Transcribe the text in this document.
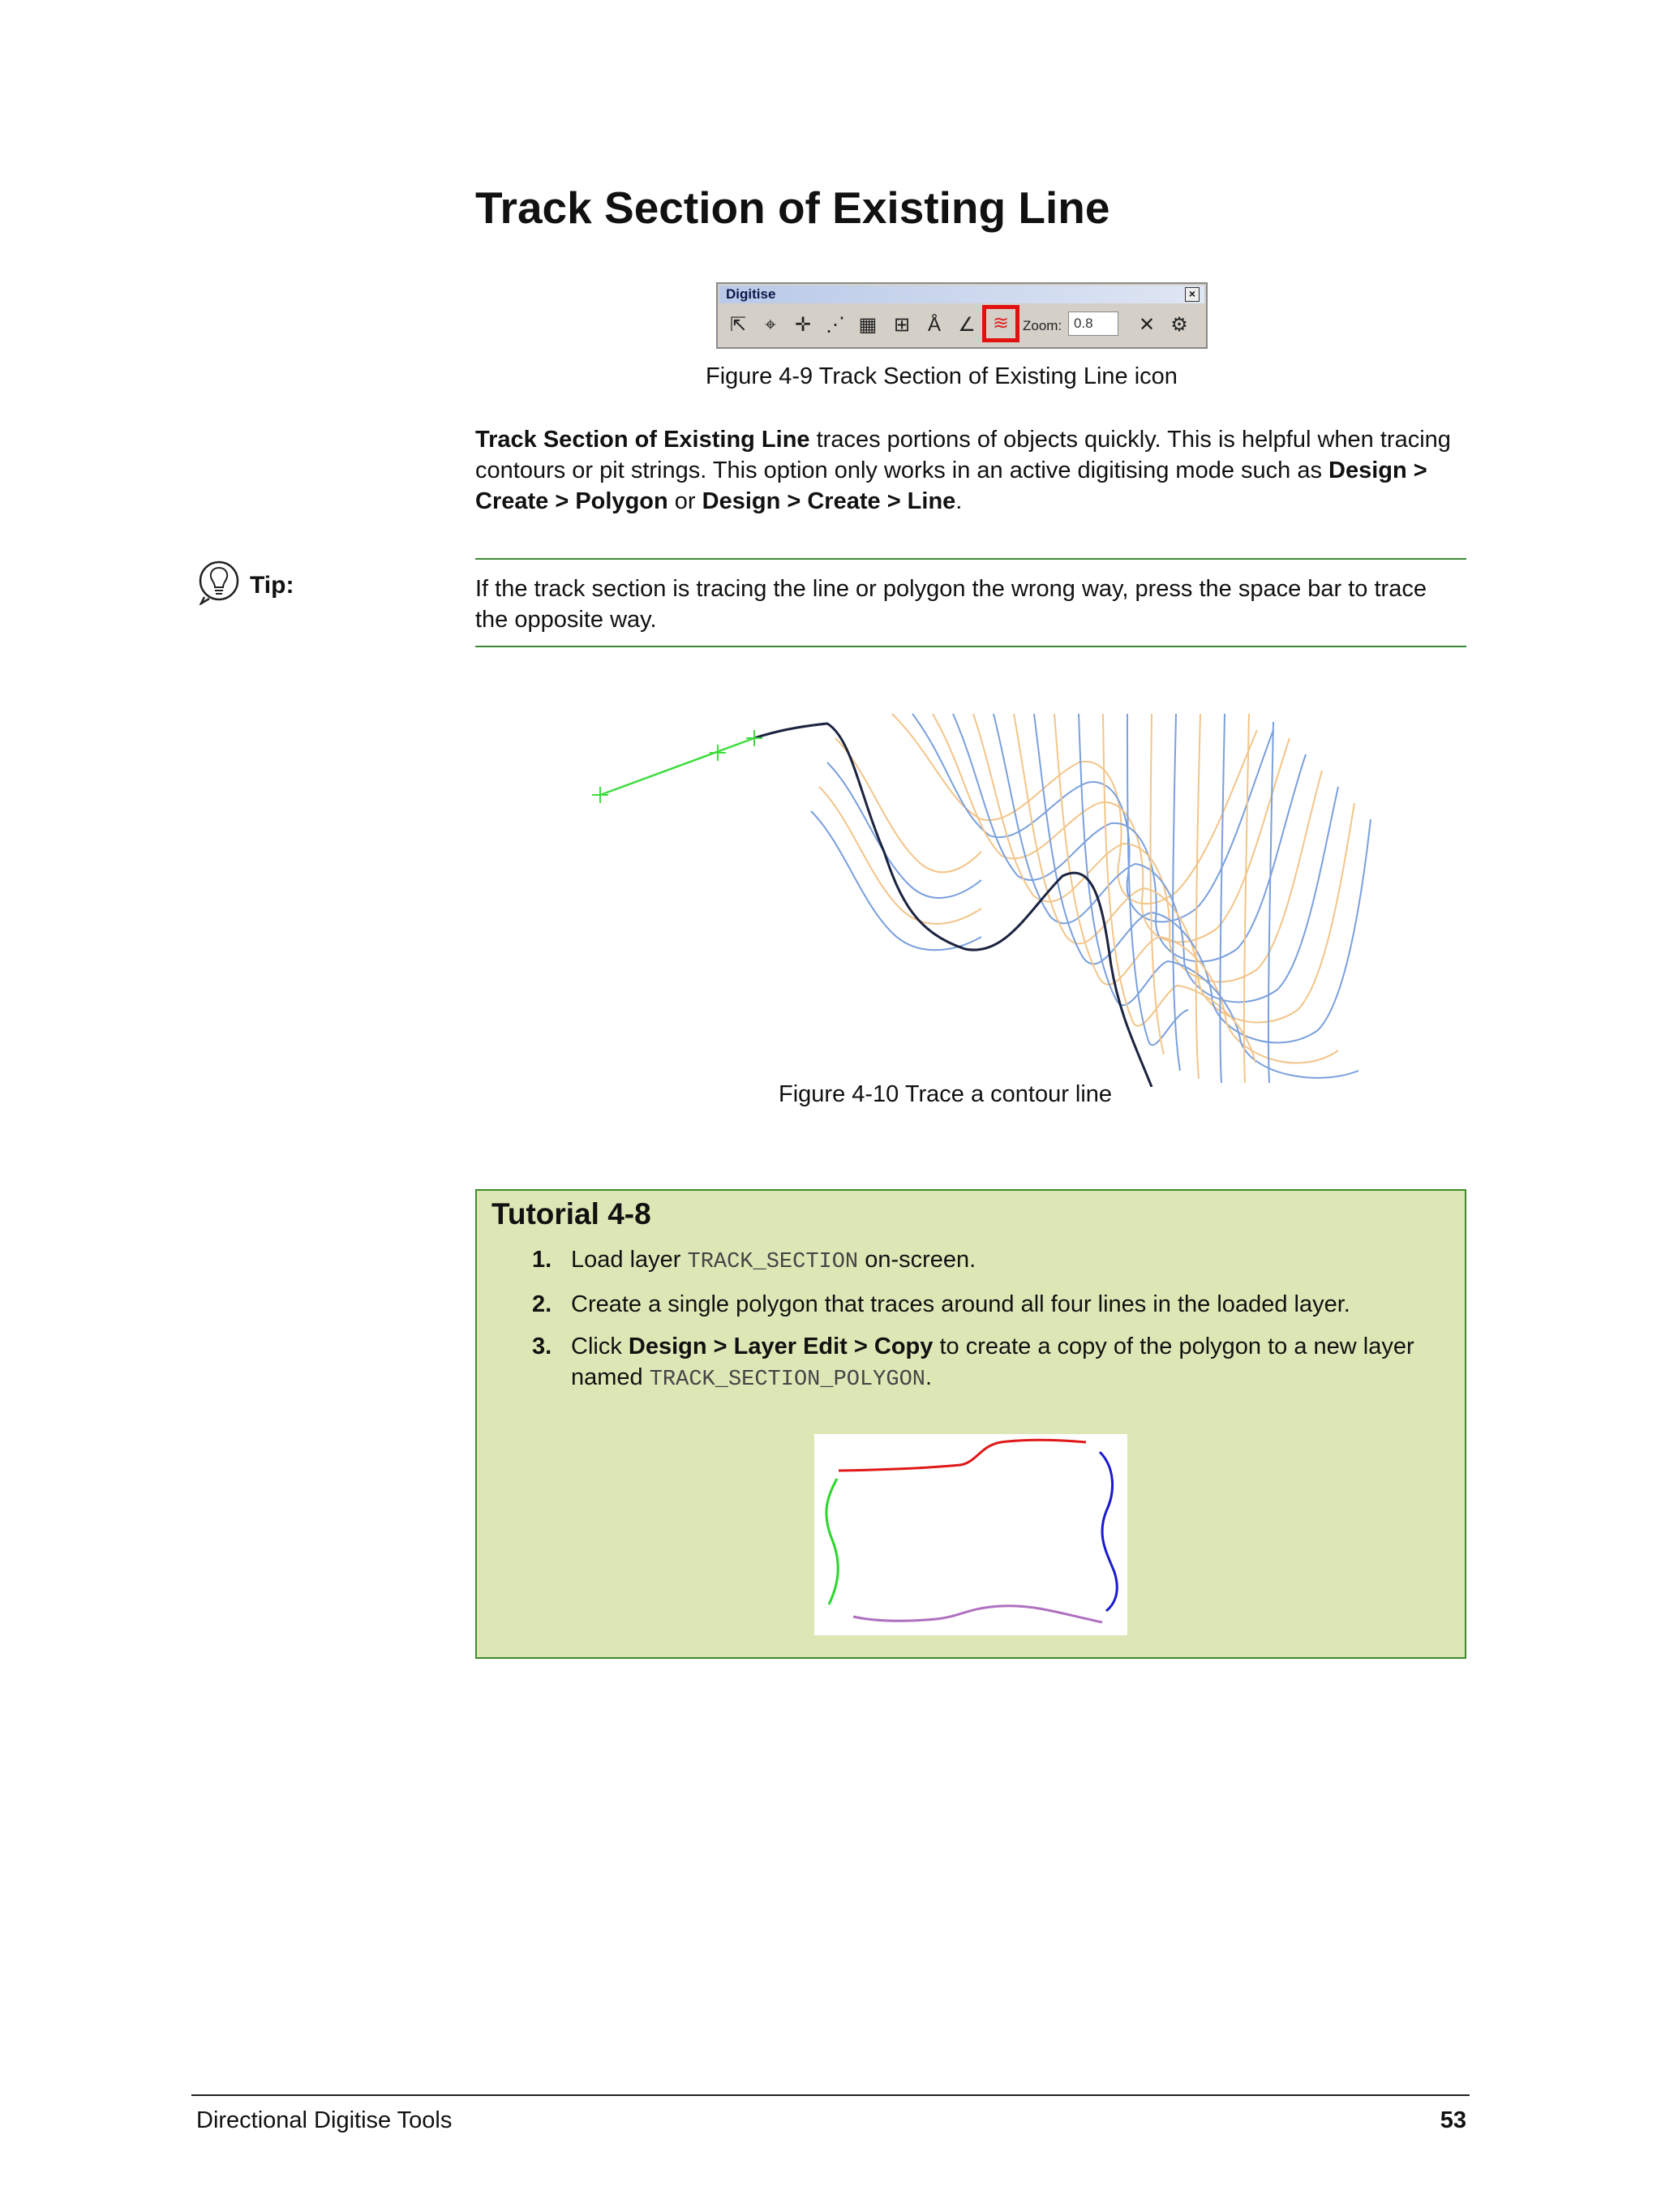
Track Section of Existing Line
Digitise	×
⇱ ⌖ ✛ ⋰ ▦ ⊞ Å ∠ ≋ Zoom: 0.8	✕ ⚙
Figure 4-9 Track Section of Existing Line icon
Track Section of Existing Line traces portions of objects quickly. This is helpful when tracing contours or pit strings. This option only works in an active digitising mode such as Design > Create > Polygon or Design > Create > Line.
Tip:	If the track section is tracing the line or polygon the wrong way, press the space bar to trace the opposite way.
Figure 4-10 Trace a contour line
Tutorial 4-8
1. Load layer TRACK_SECTION on-screen.
2. Create a single polygon that traces around all four lines in the loaded layer.
3. Click Design > Layer Edit > Copy to create a copy of the polygon to a new layer named TRACK_SECTION_POLYGON.
Directional Digitise Tools	53
